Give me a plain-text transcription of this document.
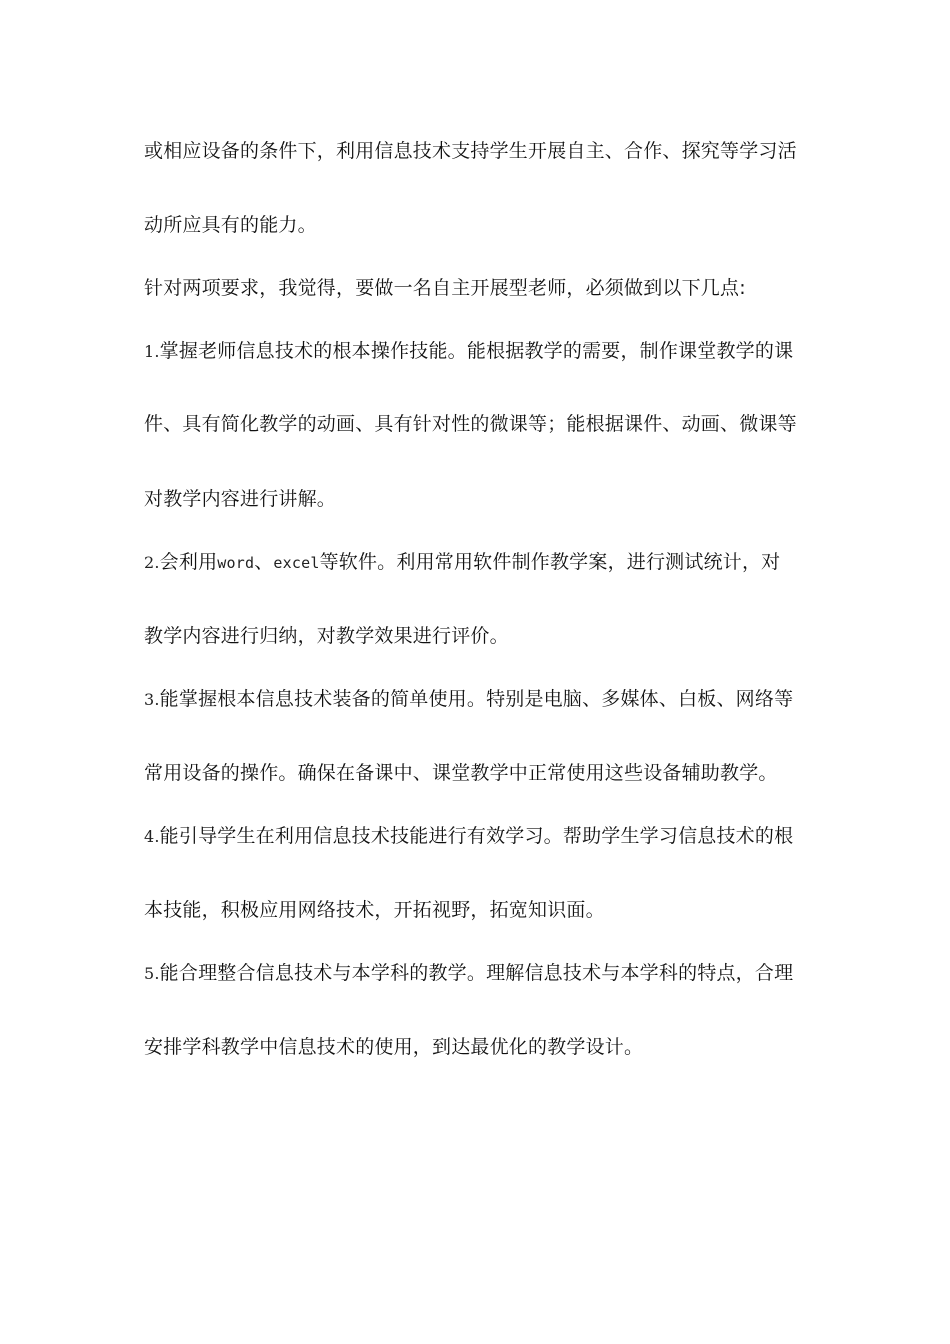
或相应设备的条件下，利用信息技术支持学生开展自主、合作、探究等学习活
动所应具有的能力。
针对两项要求，我觉得，要做一名自主开展型老师，必须做到以下几点:
1.掌握老师信息技术的根本操作技能。能根据教学的需要，制作课堂教学的课
件、具有简化教学的动画、具有针对性的微课等；能根据课件、动画、微课等
对教学内容进行讲解。
2.会利用word、excel等软件。利用常用软件制作教学案，进行测试统计，对
教学内容进行归纳，对教学效果进行评价。
3.能掌握根本信息技术装备的简单使用。特别是电脑、多媒体、白板、网络等
常用设备的操作。确保在备课中、课堂教学中正常使用这些设备辅助教学。
4.能引导学生在利用信息技术技能进行有效学习。帮助学生学习信息技术的根
本技能，积极应用网络技术，开拓视野，拓宽知识面。
5.能合理整合信息技术与本学科的教学。理解信息技术与本学科的特点，合理
安排学科教学中信息技术的使用，到达最优化的教学设计。
